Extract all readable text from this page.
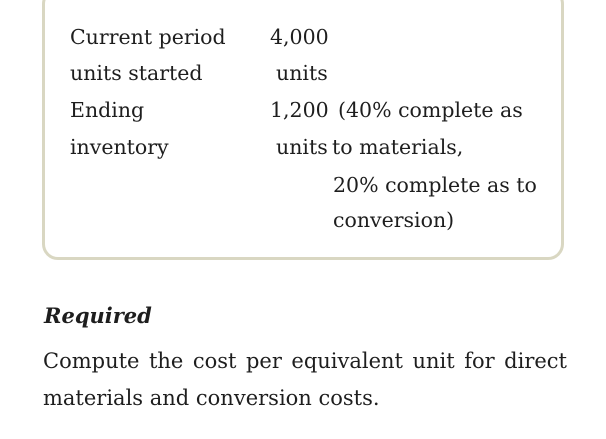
Current period
units started
4,000
units
Ending
inventory
1,200 (40% complete as
units to materials,
20% complete as to
conversion)
Required

Compute the cost per equivalent unit for direct materials and conversion costs.
